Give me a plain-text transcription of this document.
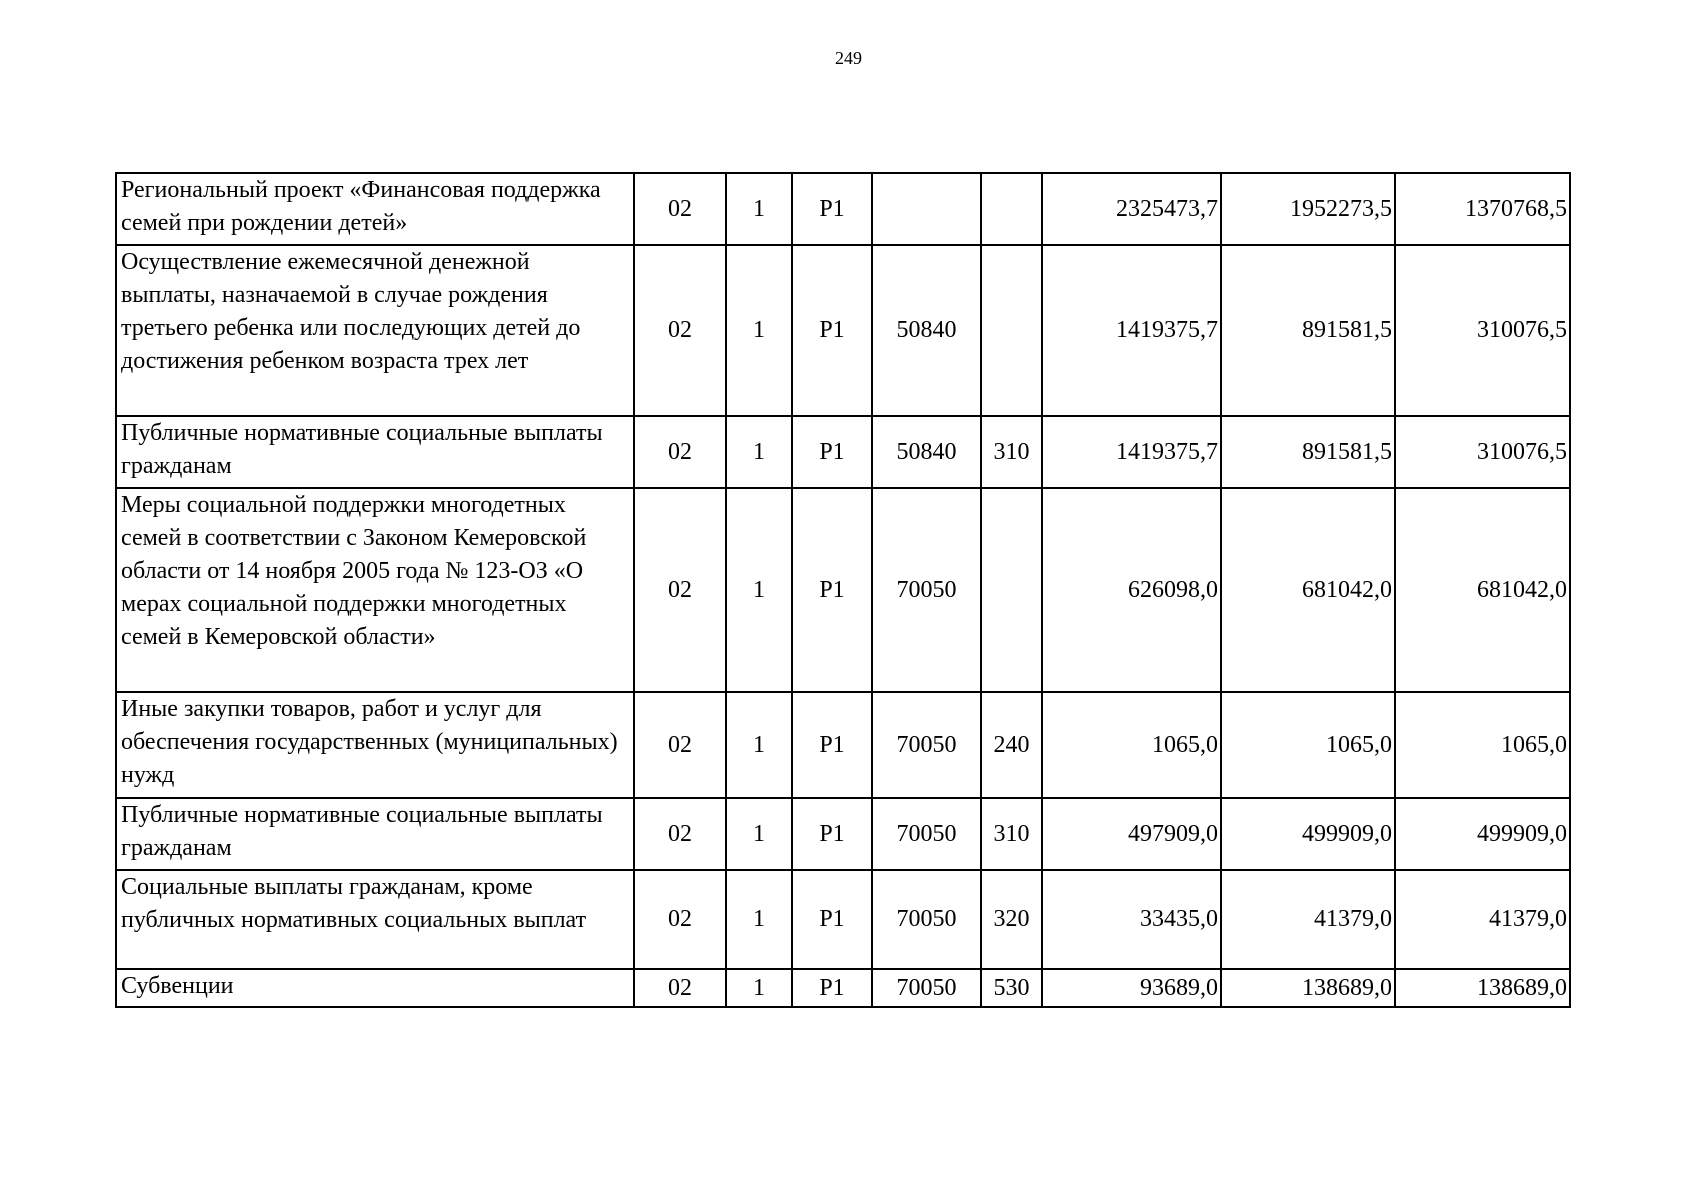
249
Региональный проект «Финансовая поддержка семей при рождении детей»	02	1	P1			2325473,7	1952273,5	1370768,5
Осуществление ежемесячной денежной выплаты, назначаемой в случае рождения третьего ребенка или последующих детей до достижения ребенком возраста трех лет	02	1	P1	50840		1419375,7	891581,5	310076,5
Публичные нормативные социальные выплаты гражданам	02	1	P1	50840	310	1419375,7	891581,5	310076,5
Меры социальной поддержки многодетных семей в соответствии с Законом Кемеровской области от 14 ноября 2005 года № 123-ОЗ «О мерах социальной поддержки многодетных семей в Кемеровской области»	02	1	P1	70050		626098,0	681042,0	681042,0
Иные закупки товаров, работ и услуг для обеспечения государственных (муниципальных) нужд	02	1	P1	70050	240	1065,0	1065,0	1065,0
Публичные нормативные социальные выплаты гражданам	02	1	P1	70050	310	497909,0	499909,0	499909,0
Социальные выплаты гражданам, кроме публичных нормативных социальных выплат	02	1	P1	70050	320	33435,0	41379,0	41379,0
Субвенции	02	1	P1	70050	530	93689,0	138689,0	138689,0
